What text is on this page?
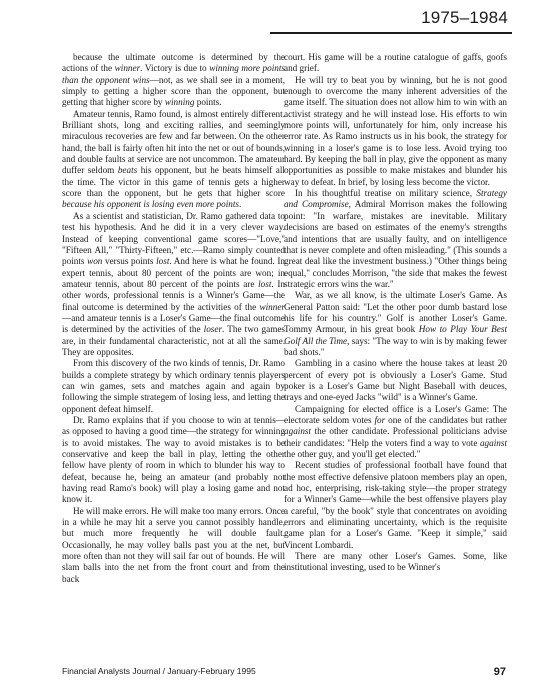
1975–1984

because the ultimate outcome is determined by the actions of the winner. Victory is due to winning more points than the opponent wins—not, as we shall see in a moment, simply to getting a higher score than the opponent, but getting that higher score by winning points.

Amateur tennis, Ramo found, is almost entirely different. Brilliant shots, long and exciting rallies, and seemingly miraculous recoveries are few and far between. On the other hand, the ball is fairly often hit into the net or out of bounds, and double faults at service are not uncommon. The amateur duffer seldom beats his opponent, but he beats himself all the time. The victor in this game of tennis gets a higher score than the opponent, but he gets that higher score because his opponent is losing even more points.

As a scientist and statistician, Dr. Ramo gathered data to test his hypothesis. And he did it in a very clever way. Instead of keeping conventional game scores—"Love," "Fifteen All," "Thirty-Fifteen," etc.—Ramo simply counted points won versus points lost. And here is what he found. In expert tennis, about 80 percent of the points are won; in amateur tennis, about 80 percent of the points are lost. In other words, professional tennis is a Winner's Game—the final outcome is determined by the activities of the winner—and amateur tennis is a Loser's Game—the final outcome is determined by the activities of the loser. The two games are, in their fundamental characteristic, not at all the same. They are opposites.

From this discovery of the two kinds of tennis, Dr. Ramo builds a complete strategy by which ordinary tennis players can win games, sets and matches again and again by following the simple strategem of losing less, and letting the opponent defeat himself.

Dr. Ramo explains that if you choose to win at tennis—as opposed to having a good time—the strategy for winning is to avoid mistakes. The way to avoid mistakes is to be conservative and keep the ball in play, letting the other fellow have plenty of room in which to blunder his way to defeat, because he, being an amateur (and probably not having read Ramo's book) will play a losing game and not know it.

He will make errors. He will make too many errors. Once in a while he may hit a serve you cannot possibly handle, but much more frequently he will double fault. Occasionally, he may volley balls past you at the net, but more often than not they will sail far out of bounds. He will slam balls into the net from the front court and from the back

court. His game will be a routine catalogue of gaffs, goofs and grief.

He will try to beat you by winning, but he is not good enough to overcome the many inherent adversities of the game itself. The situation does not allow him to win with an activist strategy and he will instead lose. His efforts to win more points will, unfortunately for him, only increase his error rate. As Ramo instructs us in his book, the strategy for winning in a loser's game is to lose less. Avoid trying too hard. By keeping the ball in play, give the opponent as many opportunities as possible to make mistakes and blunder his way to defeat. In brief, by losing less become the victor.

In his thoughtful treatise on military science, Strategy and Compromise, Admiral Morrison makes the following point: "In warfare, mistakes are inevitable. Military decisions are based on estimates of the enemy's strengths and intentions that are usually faulty, and on intelligence that is never complete and often misleading." (This sounds a great deal like the investment business.) "Other things being equal," concludes Morrison, "the side that makes the fewest strategic errors wins the war."

War, as we all know, is the ultimate Loser's Game. As General Patton said: "Let the other poor dumb bastard lose his life for his country." Golf is another Loser's Game. Tommy Armour, in his great book How to Play Your Best Golf All the Time, says: "The way to win is by making fewer bad shots."

Gambling in a casino where the house takes at least 20 percent of every pot is obviously a Loser's Game. Stud poker is a Loser's Game but Night Baseball with deuces, trays and one-eyed Jacks "wild" is a Winner's Game.

Campaigning for elected office is a Loser's Game: The electorate seldom votes for one of the candidates but rather against the other candidate. Professional politicians advise their candidates: "Help the voters find a way to vote against the other guy, and you'll get elected."

Recent studies of professional football have found that the most effective defensive platoon members play an open, ad hoc, enterprising, risk-taking style—the proper strategy for a Winner's Game—while the best offensive players play a careful, "by the book" style that concentrates on avoiding errors and eliminating uncertainty, which is the requisite game plan for a Loser's Game. "Keep it simple," said Vincent Lombardi.

There are many other Loser's Games. Some, like institutional investing, used to be Winner's

Financial Analysts Journal / January-February 1995	97
